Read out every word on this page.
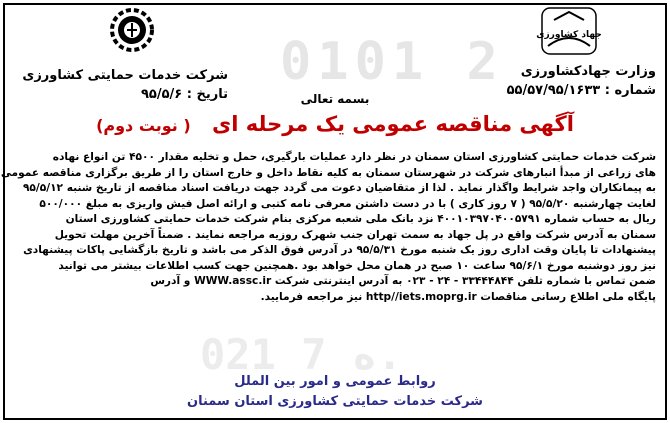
0101 2
021 ه 7.
جهاد کشاورزی
وزارت جهادکشاورزی
شماره : ۵۵/۵۷/۹۵/۱۶۳۳
شرکت خدمات حمایتی کشاورزی
تاریخ : ۹۵/۵/۶	بسمه تعالی
آگهی مناقصه عمومی یک مرحله ای ( نوبت دوم)
شرکت خدمات حمایتی کشاورزی استان سمنان در نظر دارد عملیات بارگیری، حمل و تخلیه مقدار ۴۵۰۰ تن انواع نهاده
های زراعی از مبدأ انبارهای شرکت در شهرستان سمنان به کلیه نقاط داخل و خارج استان را از طریق برگزاری مناقصه عمومی
به پیمانکاران واجد شرایط واگذار نماید . لذا از متقاضیان دعوت می گردد جهت دریافت اسناد مناقصه از تاریخ شنبه ۹۵/۵/۱۲
لغایت چهارشنبه ۹۵/۵/۲۰ ( ۷ روز کاری ) با در دست داشتن معرفی نامه کتبی و ارائه اصل فیش واریزی به مبلغ ۵۰۰/۰۰۰
ریال به حساب شماره ۴۰۰۱۰۳۹۷۰۴۰۰۵۷۹۱ نزد بانک ملی شعبه مرکزی بنام شرکت خدمات حمایتی کشاورزی استان
سمنان به آدرس شرکت واقع در پل جهاد به سمت تهران جنب شهرک روزیه مراجعه نمایند . ضمناً آخرین مهلت تحویل
پیشنهادات تا پایان وقت اداری روز یک شنبه مورخ ۹۵/۵/۳۱ در آدرس فوق الذکر می باشد و تاریخ بازگشایی پاکات پیشنهادی
نیز روز دوشنبه مورخ ۹۵/۶/۱ ساعت ۱۰ صبح در همان محل خواهد بود .همچنین جهت کسب اطلاعات بیشتر می توانید
ضمن تماس با شماره تلفن ۳۳۴۴۴۸۴۴ - ۲۴ - ۰۲۳ به آدرس اینترنتی شرکت WWW.assc.ir و آدرس
پایگاه ملی اطلاع رسانی مناقصات http//iets.moprg.ir نیز مراجعه فرمایید.
روابط عمومی و امور بین الملل
شرکت خدمات حمایتی کشاورزی استان سمنان
